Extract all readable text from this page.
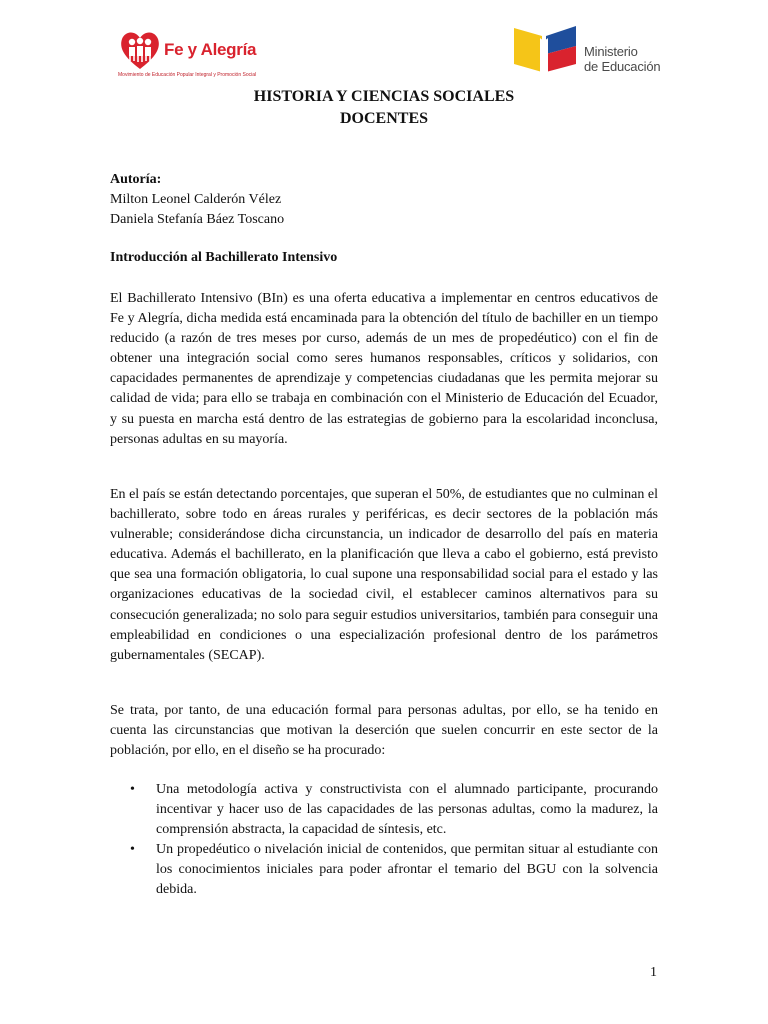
Fe y Alegría
Movimiento de Educación Popular Integral y Promoción Social
Ministerio
de Educación
HISTORIA Y CIENCIAS SOCIALES
DOCENTES
Autoría:
Milton Leonel Calderón Vélez
Daniela Stefanía Báez Toscano
Introducción al Bachillerato Intensivo
El Bachillerato Intensivo (BIn) es una oferta educativa a implementar en centros educativos de Fe y Alegría, dicha medida está encaminada para la obtención del título de bachiller en un tiempo reducido (a razón de tres meses por curso, además de un mes de propedéutico) con el fin de obtener una integración social como seres humanos responsables, críticos y solidarios, con capacidades permanentes de aprendizaje y competencias ciudadanas que les permita mejorar su calidad de vida; para ello se trabaja en combinación con el Ministerio de Educación del Ecuador, y su puesta en marcha está dentro de las estrategias de gobierno para la escolaridad inconclusa, personas adultas en su mayoría.
En el país se están detectando porcentajes, que superan el 50%, de estudiantes que no culminan el bachillerato, sobre todo en áreas rurales y periféricas, es decir sectores de la población más vulnerable; considerándose dicha circunstancia, un indicador de desarrollo del país en materia educativa. Además el bachillerato, en la planificación que lleva a cabo el gobierno, está previsto que sea una formación obligatoria, lo cual supone una responsabilidad social para el estado y las organizaciones educativas de la sociedad civil, el establecer caminos alternativos para su consecución generalizada; no solo para seguir estudios universitarios, también para conseguir una empleabilidad en condiciones o una especialización profesional dentro de los parámetros gubernamentales (SECAP).
Se trata, por tanto, de una educación formal para personas adultas, por ello, se ha tenido en cuenta las circunstancias que motivan la deserción que suelen concurrir en este sector de la población, por ello, en el diseño se ha procurado:
• Una metodología activa y constructivista con el alumnado participante, procurando incentivar y hacer uso de las capacidades de las personas adultas, como la madurez, la comprensión abstracta, la capacidad de síntesis, etc.
• Un propedéutico o nivelación inicial de contenidos, que permitan situar al estudiante con los conocimientos iniciales para poder afrontar el temario del BGU con la solvencia debida.
1
